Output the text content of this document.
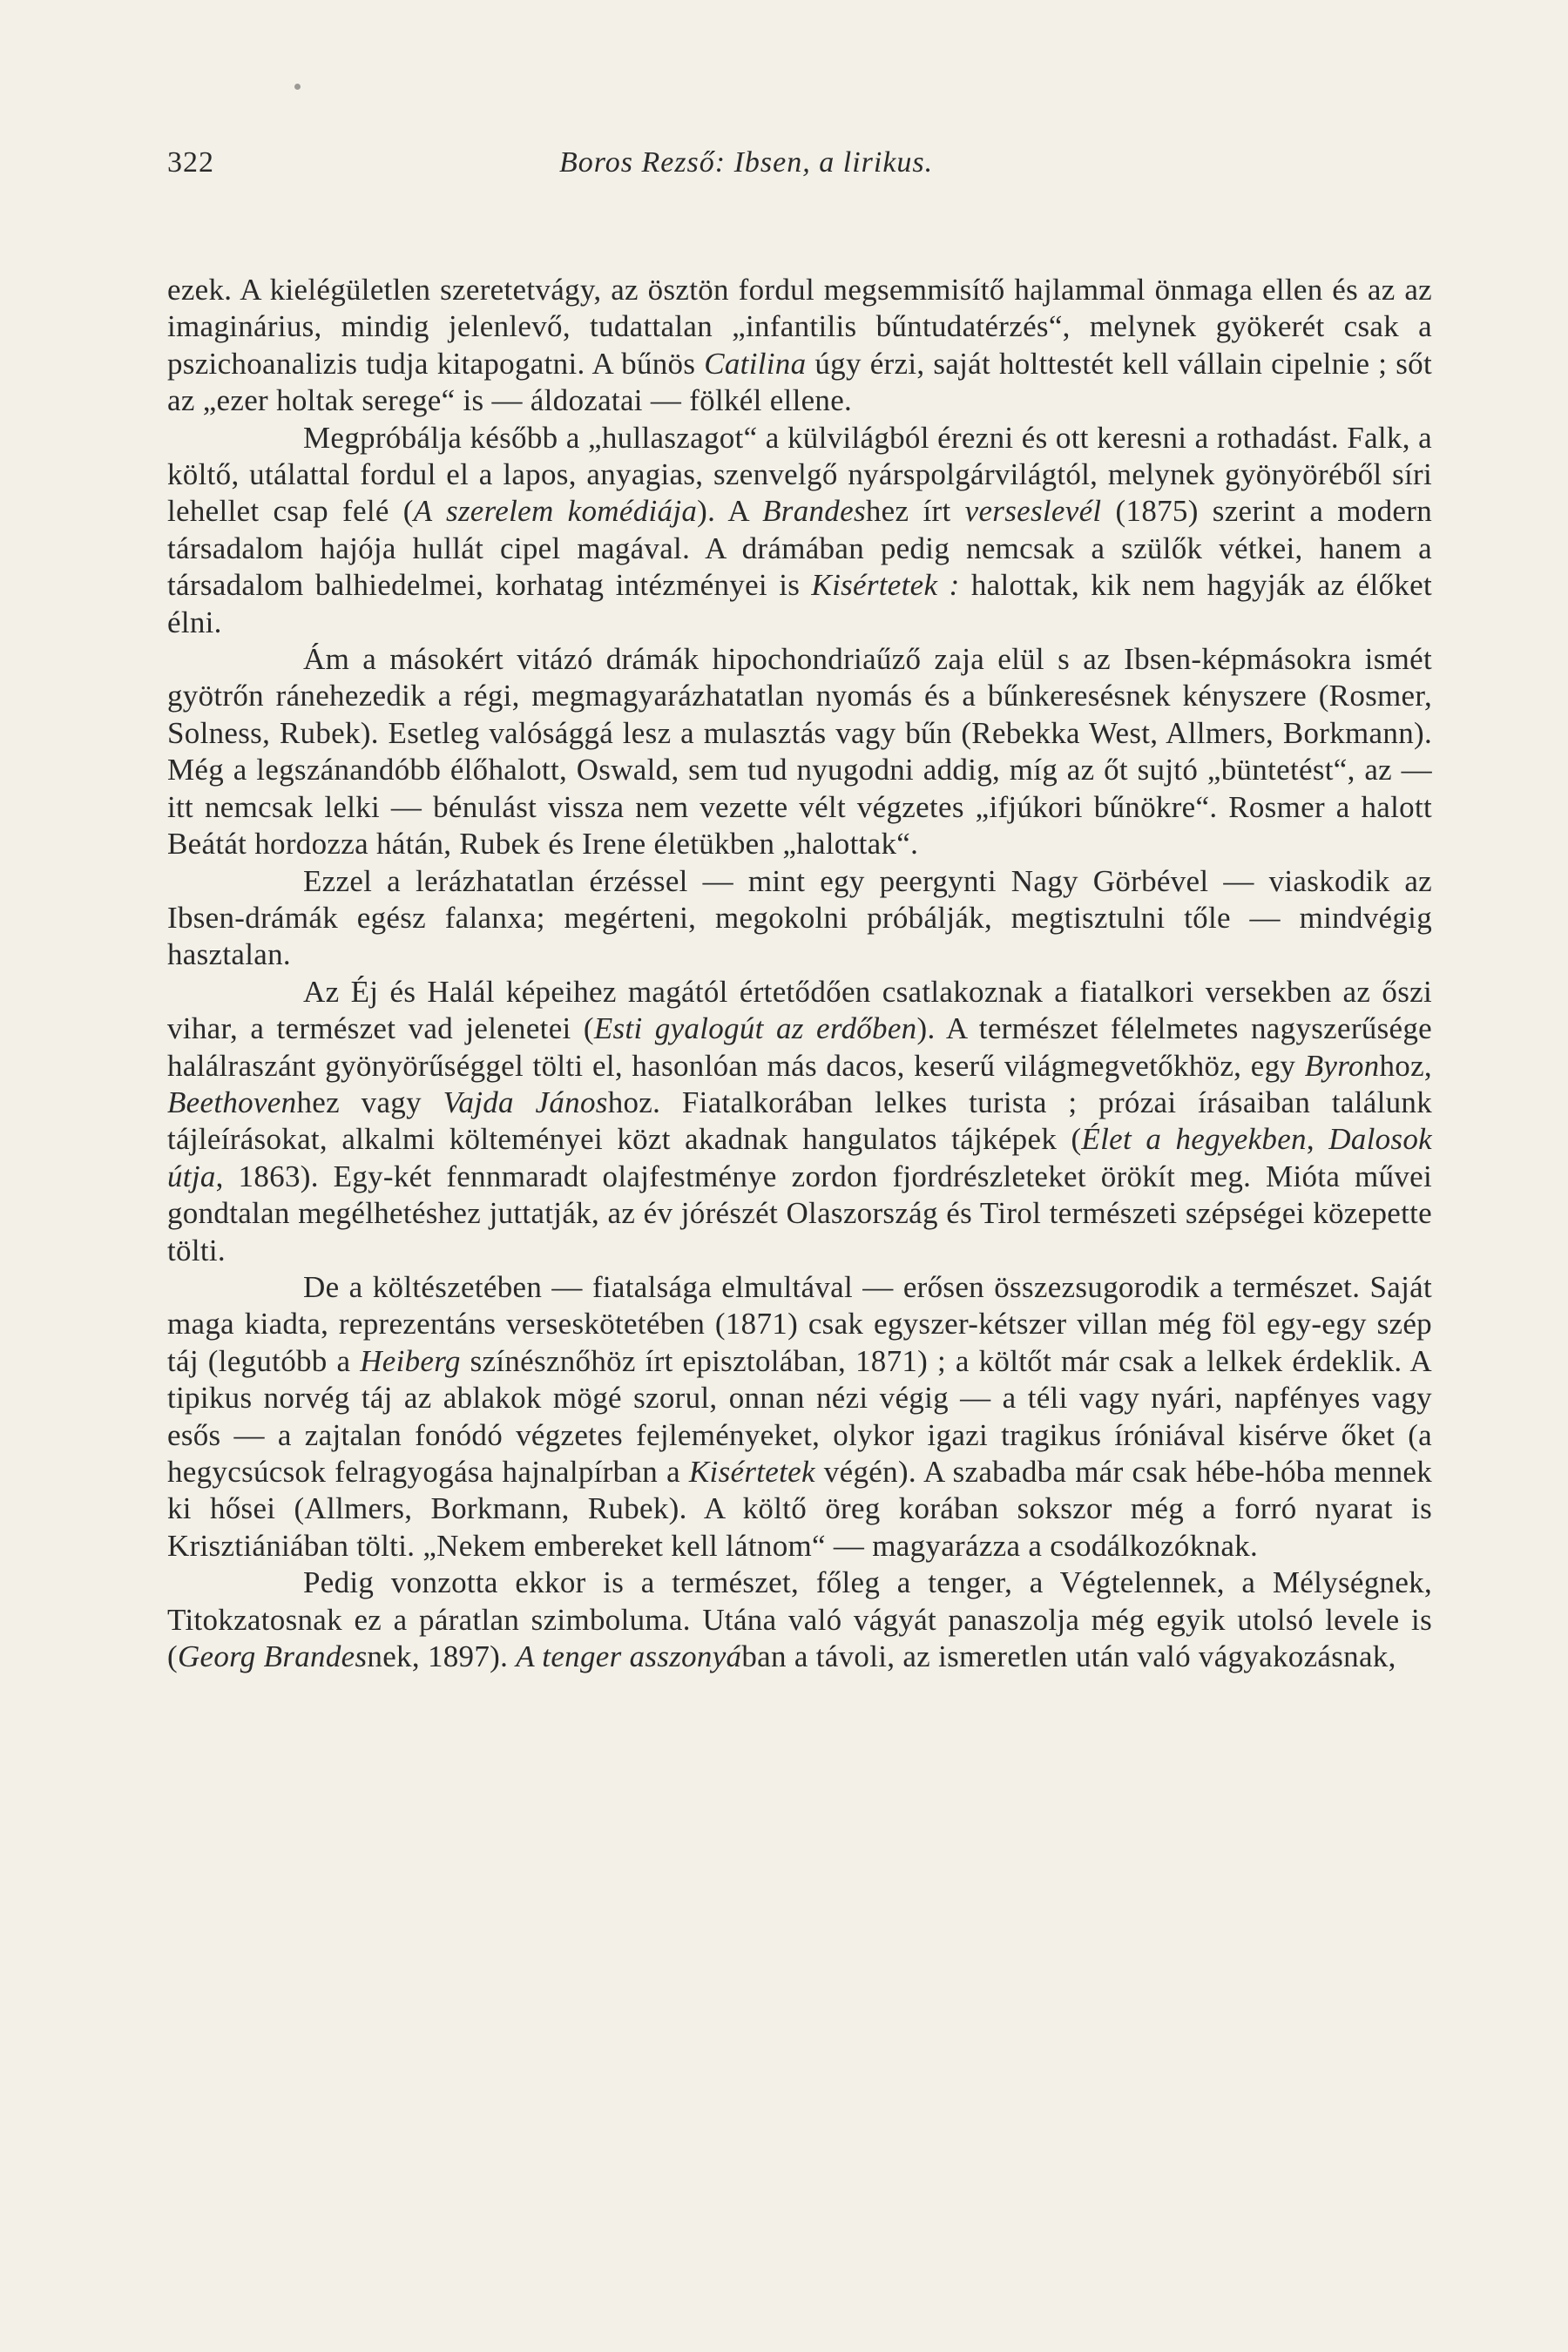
322	Boros Rezső: Ibsen, a lirikus.

ezek. A kielégületlen szeretetvágy, az ösztön fordul megsemmisítő hajlammal önmaga ellen és az az imaginárius, mindig jelenlevő, tudattalan „infantilis bűntudatérzés“, melynek gyökerét csak a pszichoanalizis tudja kitapogatni. A bűnös Catilina úgy érzi, saját holttestét kell vállain cipelnie ; sőt az „ezer holtak serege“ is — áldozatai — fölkél ellene.

Megpróbálja később a „hullaszagot“ a külvilágból érezni és ott keresni a rothadást. Falk, a költő, utálattal fordul el a lapos, anyagias, szenvelgő nyárspolgárvilágtól, melynek gyönyöréből síri lehellet csap felé (A szerelem komédiája). A Brandeshez írt verseslevél (1875) szerint a modern társadalom hajója hullát cipel magával. A drámában pedig nemcsak a szülők vétkei, hanem a társadalom balhiedelmei, korhatag intézményei is Kisértetek : halottak, kik nem hagyják az élőket élni.

Ám a másokért vitázó drámák hipochondriaűző zaja elül s az Ibsen-képmásokra ismét gyötrőn ránehezedik a régi, megmagyarázhatatlan nyomás és a bűnkeresésnek kényszere (Rosmer, Solness, Rubek). Esetleg valósággá lesz a mulasztás vagy bűn (Rebekka West, Allmers, Borkmann). Még a legszánandóbb élőhalott, Oswald, sem tud nyugodni addig, míg az őt sujtó „büntetést“, az — itt nemcsak lelki — bénulást vissza nem vezette vélt végzetes „ifjúkori bűnökre“. Rosmer a halott Beátát hordozza hátán, Rubek és Irene életükben „halottak“.

Ezzel a lerázhatatlan érzéssel — mint egy peergynti Nagy Görbével — viaskodik az Ibsen-drámák egész falanxa; megérteni, megokolni próbálják, megtisztulni tőle — mindvégig hasztalan.

Az Éj és Halál képeihez magától értetődően csatlakoznak a fiatalkori versekben az őszi vihar, a természet vad jelenetei (Esti gyalogút az erdőben). A természet félelmetes nagyszerűsége halálraszánt gyönyörűséggel tölti el, hasonlóan más dacos, keserű világmegvetőkhöz, egy Byronhoz, Beethovenhez vagy Vajda Jánoshoz. Fiatalkorában lelkes turista ; prózai írásaiban találunk tájleírásokat, alkalmi költeményei közt akadnak hangulatos tájképek (Élet a hegyekben, Dalosok útja, 1863). Egy-két fennmaradt olajfestménye zordon fjordrészleteket örökít meg. Mióta művei gondtalan megélhetéshez juttatják, az év jórészét Olaszország és Tirol természeti szépségei közepette tölti.

De a költészetében — fiatalsága elmultával — erősen összezsugorodik a természet. Saját maga kiadta, reprezentáns verseskötetében (1871) csak egyszer-kétszer villan még föl egy-egy szép táj (legutóbb a Heiberg színésznőhöz írt episztolában, 1871) ; a költőt már csak a lelkek érdeklik. A tipikus norvég táj az ablakok mögé szorul, onnan nézi végig — a téli vagy nyári, napfényes vagy esős — a zajtalan fonódó végzetes fejleményeket, olykor igazi tragikus íróniával kisérve őket (a hegycsúcsok felragyogása hajnalpírban a Kisértetek végén). A szabadba már csak hébe-hóba mennek ki hősei (Allmers, Borkmann, Rubek). A költő öreg korában sokszor még a forró nyarat is Krisztiániában tölti. „Nekem embereket kell látnom“ — magyarázza a csodálkozóknak.

Pedig vonzotta ekkor is a természet, főleg a tenger, a Végtelennek, a Mélységnek, Titokzatosnak ez a páratlan szimboluma. Utána való vágyát panaszolja még egyik utolsó levele is (Georg Brandesnek, 1897). A tenger asszonyában a távoli, az ismeretlen után való vágyakozásnak,
